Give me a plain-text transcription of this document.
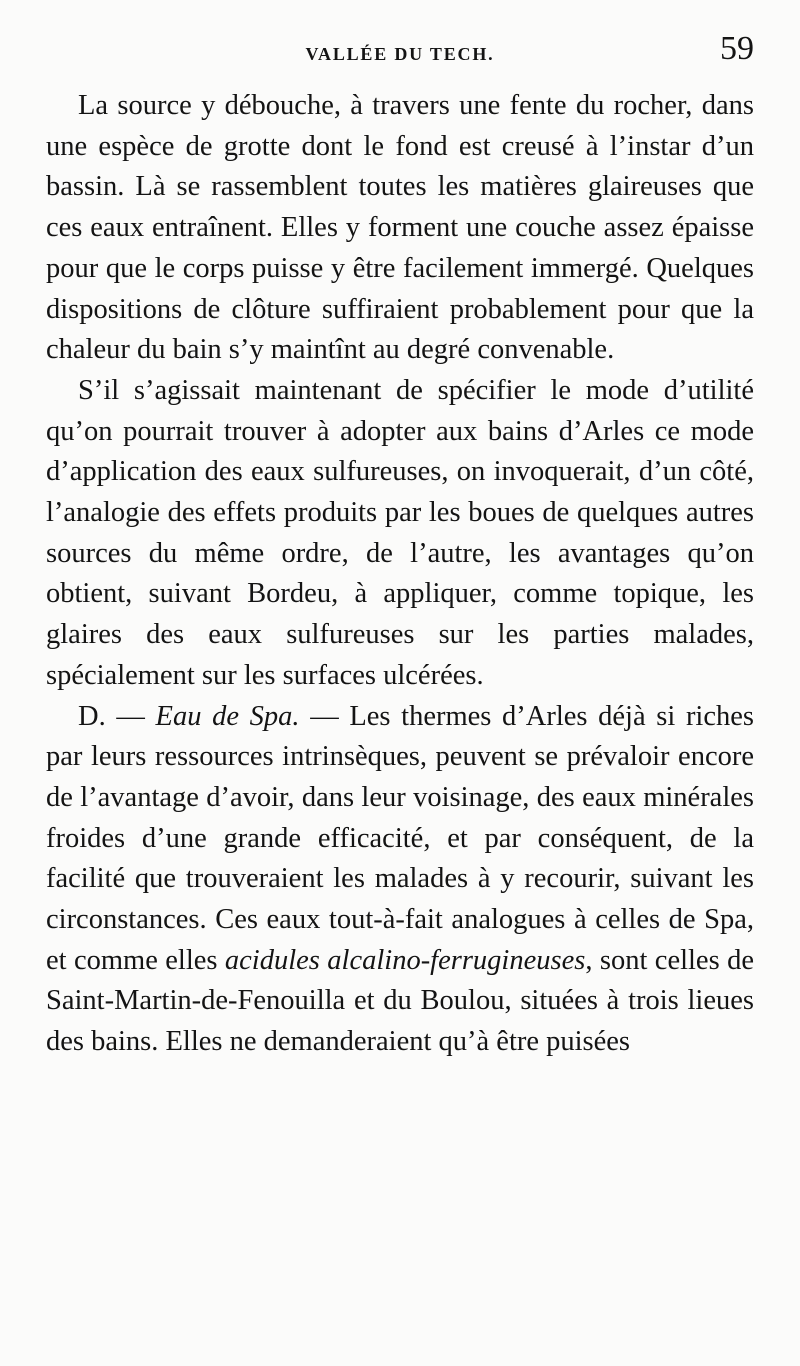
VALLÉE DU TECH.	59

La source y débouche, à travers une fente du rocher, dans une espèce de grotte dont le fond est creusé à l’instar d’un bassin. Là se rassemblent toutes les matières glaireuses que ces eaux entraînent. Elles y forment une couche assez épaisse pour que le corps puisse y être facilement immergé. Quelques dispositions de clôture suffiraient probablement pour que la chaleur du bain s’y maintînt au degré convenable.

S’il s’agissait maintenant de spécifier le mode d’utilité qu’on pourrait trouver à adopter aux bains d’Arles ce mode d’application des eaux sulfureuses, on invoquerait, d’un côté, l’analogie des effets produits par les boues de quelques autres sources du même ordre, de l’autre, les avantages qu’on obtient, suivant Bordeu, à appliquer, comme topique, les glaires des eaux sulfureuses sur les parties malades, spécialement sur les surfaces ulcérées.

D. — Eau de Spa. — Les thermes d’Arles déjà si riches par leurs ressources intrinsèques, peuvent se prévaloir encore de l’avantage d’avoir, dans leur voisinage, des eaux minérales froides d’une grande efficacité, et par conséquent, de la facilité que trouveraient les malades à y recourir, suivant les circonstances. Ces eaux tout-à-fait analogues à celles de Spa, et comme elles acidules alcalino-ferrugineuses, sont celles de Saint-Martin-de-Fenouilla et du Boulou, situées à trois lieues des bains. Elles ne demanderaient qu’à être puisées
